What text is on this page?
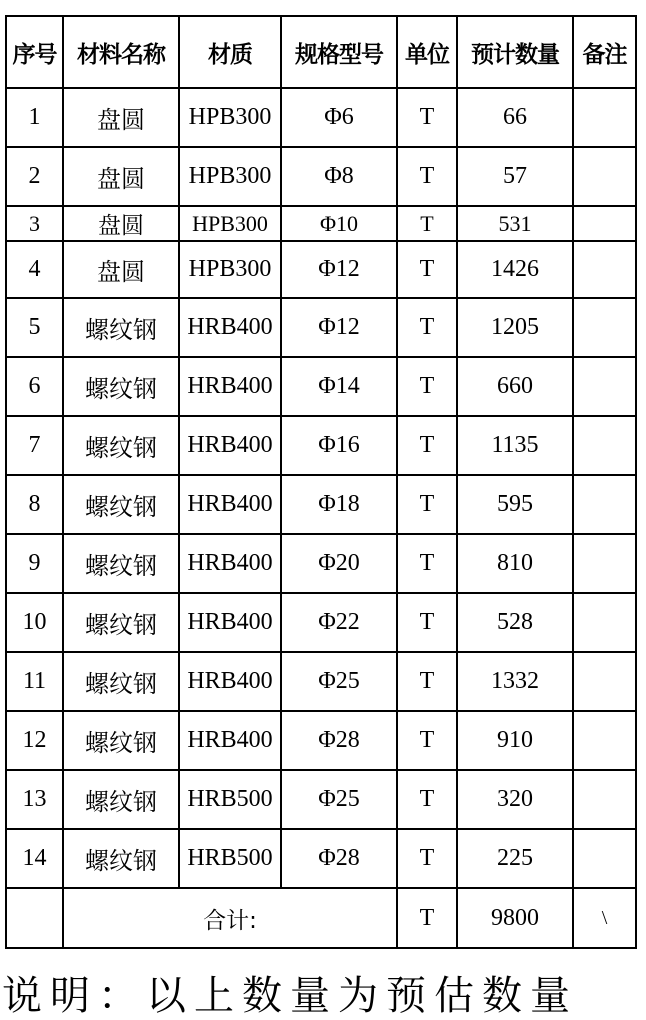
序号	材料名称	材质	规格型号	单位	预计数量	备注
1	盘圆	HPB300	Φ6	T	66	
2	盘圆	HPB300	Φ8	T	57	
3	盘圆	HPB300	Φ10	T	531	
4	盘圆	HPB300	Φ12	T	1426	
5	螺纹钢	HRB400	Φ12	T	1205	
6	螺纹钢	HRB400	Φ14	T	660	
7	螺纹钢	HRB400	Φ16	T	1135	
8	螺纹钢	HRB400	Φ18	T	595	
9	螺纹钢	HRB400	Φ20	T	810	
10	螺纹钢	HRB400	Φ22	T	528	
11	螺纹钢	HRB400	Φ25	T	1332	
12	螺纹钢	HRB400	Φ28	T	910	
13	螺纹钢	HRB500	Φ25	T	320	
14	螺纹钢	HRB500	Φ28	T	225	
	合计:			T	9800	\
说明：以上数量为预估数量
